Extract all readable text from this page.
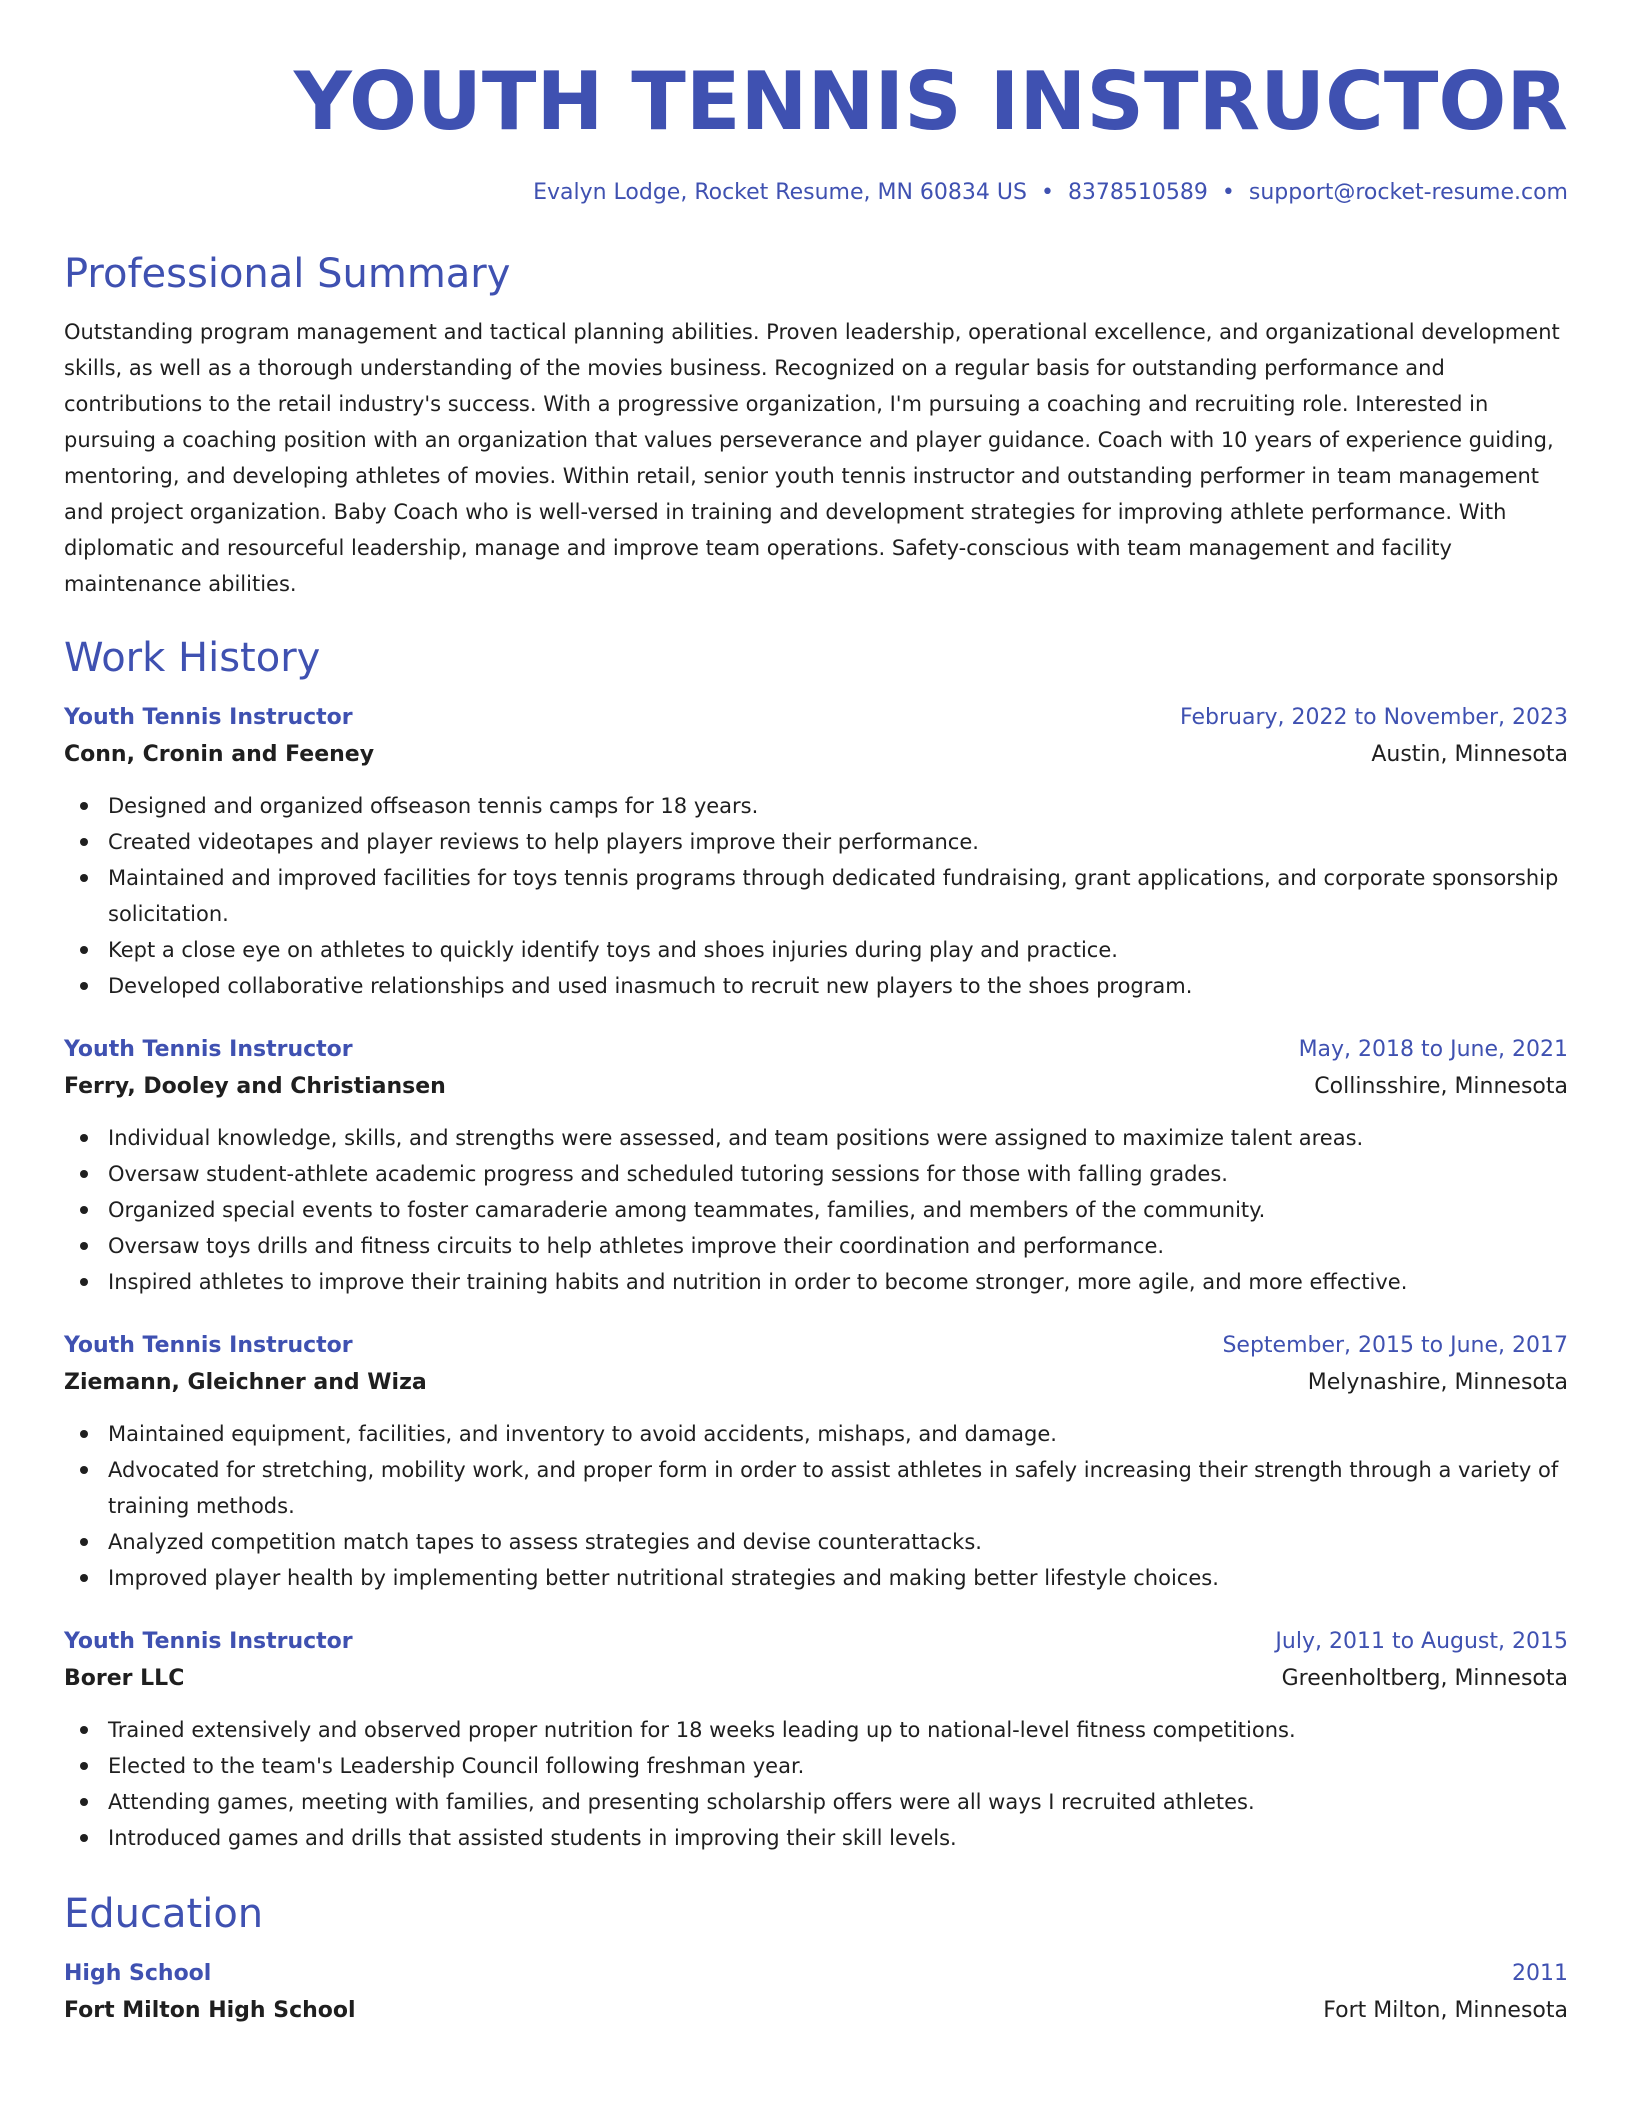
YOUTH TENNIS INSTRUCTOR
Evalyn Lodge, Rocket Resume, MN 60834 US • 8378510589 • support@rocket-resume.com
Professional Summary

Outstanding program management and tactical planning abilities. Proven leadership, operational excellence, and organizational development skills, as well as a thorough understanding of the movies business. Recognized on a regular basis for outstanding performance and contributions to the retail industry's success. With a progressive organization, I'm pursuing a coaching and recruiting role. Interested in pursuing a coaching position with an organization that values perseverance and player guidance. Coach with 10 years of experience guiding, mentoring, and developing athletes of movies. Within retail, senior youth tennis instructor and outstanding performer in team management and project organization. Baby Coach who is well-versed in training and development strategies for improving athlete performance. With diplomatic and resourceful leadership, manage and improve team operations. Safety-conscious with team management and facility maintenance abilities.

Work History
Youth Tennis Instructor	February, 2022 to November, 2023
Conn, Cronin and Feeney	Austin, Minnesota
Designed and organized offseason tennis camps for 18 years.
Created videotapes and player reviews to help players improve their performance.
Maintained and improved facilities for toys tennis programs through dedicated fundraising, grant applications, and corporate sponsorship solicitation.
Kept a close eye on athletes to quickly identify toys and shoes injuries during play and practice.
Developed collaborative relationships and used inasmuch to recruit new players to the shoes program.
Youth Tennis Instructor	May, 2018 to June, 2021
Ferry, Dooley and Christiansen	Collinsshire, Minnesota
Individual knowledge, skills, and strengths were assessed, and team positions were assigned to maximize talent areas.
Oversaw student-athlete academic progress and scheduled tutoring sessions for those with falling grades.
Organized special events to foster camaraderie among teammates, families, and members of the community.
Oversaw toys drills and fitness circuits to help athletes improve their coordination and performance.
Inspired athletes to improve their training habits and nutrition in order to become stronger, more agile, and more effective.
Youth Tennis Instructor	September, 2015 to June, 2017
Ziemann, Gleichner and Wiza	Melynashire, Minnesota
Maintained equipment, facilities, and inventory to avoid accidents, mishaps, and damage.
Advocated for stretching, mobility work, and proper form in order to assist athletes in safely increasing their strength through a variety of training methods.
Analyzed competition match tapes to assess strategies and devise counterattacks.
Improved player health by implementing better nutritional strategies and making better lifestyle choices.
Youth Tennis Instructor	July, 2011 to August, 2015
Borer LLC	Greenholtberg, Minnesota
Trained extensively and observed proper nutrition for 18 weeks leading up to national-level fitness competitions.
Elected to the team's Leadership Council following freshman year.
Attending games, meeting with families, and presenting scholarship offers were all ways I recruited athletes.
Introduced games and drills that assisted students in improving their skill levels.
Education
High School	2011
Fort Milton High School	Fort Milton, Minnesota
